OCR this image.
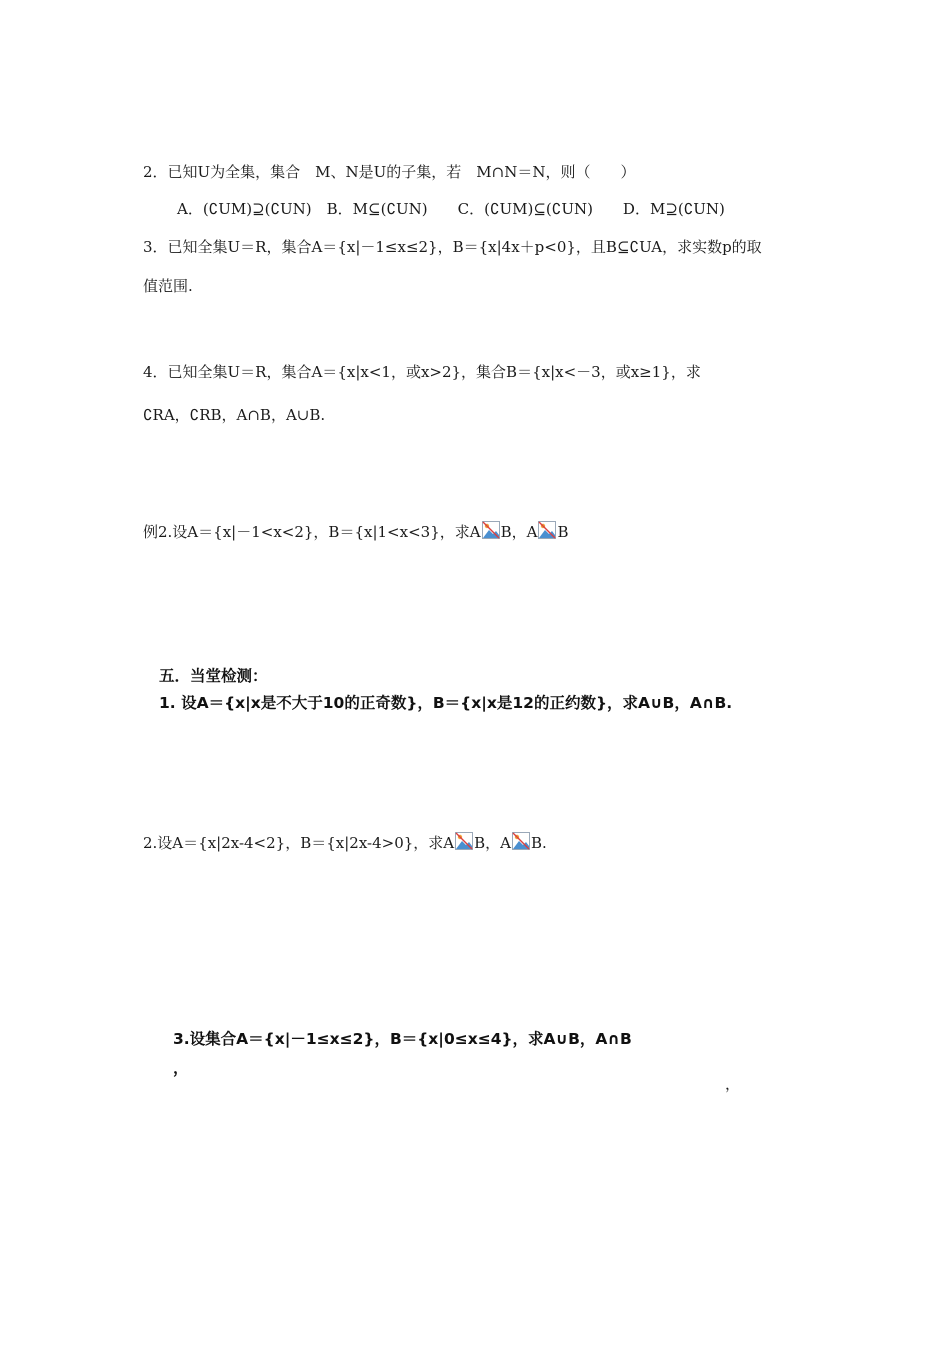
2．已知U为全集，集合　M、N是U的子集，若　M∩N＝N，则（　　）
A．(∁UM)⊇(∁UN)　B．M⊆(∁UN)　　C．(∁UM)⊆(∁UN)　　D．M⊇(∁UN)
3．已知全集U＝R，集合A＝{x|－1≤x≤2}，B＝{x|4x＋p<0}，且B⊆∁UA，求实数p的取
值范围.
4．已知全集U＝R，集合A＝{x|x<1，或x>2}，集合B＝{x|x<－3，或x≥1}，求
∁RA，∁RB，A∩B，A∪B.
例2.设A＝{x|－1<x<2}，B＝{x|1<x<3}，求A B，A B
五．当堂检测：
1. 设A＝{x|x是不大于10的正奇数}，B＝{x|x是12的正约数}，求A∪B，A∩B.
2.设A＝{x|2x-4<2}，B＝{x|2x-4>0}，求A B，A B.
3.设集合A＝{x|－1≤x≤2}，B＝{x|0≤x≤4}，求A∪B，A∩B
，
，
